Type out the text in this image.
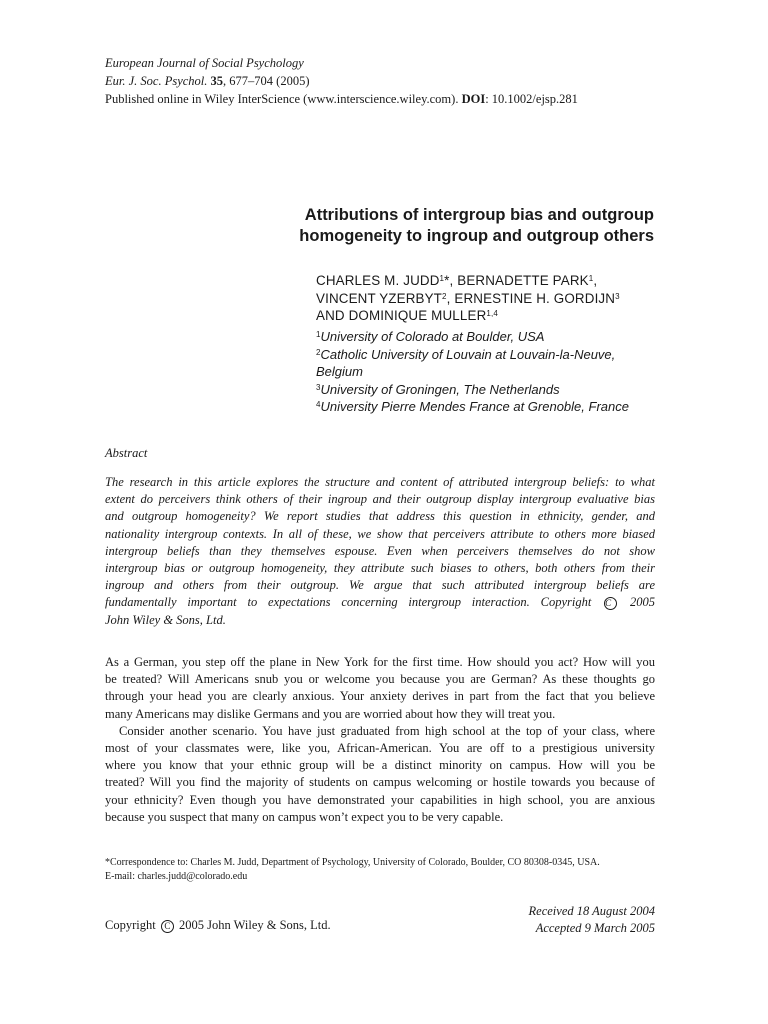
European Journal of Social Psychology
Eur. J. Soc. Psychol. 35, 677–704 (2005)
Published online in Wiley InterScience (www.interscience.wiley.com). DOI: 10.1002/ejsp.281
Attributions of intergroup bias and outgroup
homogeneity to ingroup and outgroup others
CHARLES M. JUDD$^1$*, BERNADETTE PARK$^1$,
VINCENT YZERBYT$^2$, ERNESTINE H. GORDIJN$^3$
AND DOMINIQUE MULLER$^{1,4}$
$^1$University of Colorado at Boulder, USA
$^2$Catholic University of Louvain at Louvain-la-Neuve,
Belgium
$^3$University of Groningen, The Netherlands
$^4$University Pierre Mendes France at Grenoble, France
Abstract
The research in this article explores the structure and content of attributed intergroup beliefs: to what
extent do perceivers think others of their ingroup and their outgroup display intergroup evaluative bias
and outgroup homogeneity? We report studies that address this question in ethnicity, gender, and
nationality intergroup contexts. In all of these, we show that perceivers attribute to others more biased
intergroup beliefs than they themselves espouse. Even when perceivers themselves do not show
intergroup bias or outgroup homogeneity, they attribute such biases to others, both others from their
ingroup and others from their outgroup. We argue that such attributed intergroup beliefs are
fundamentally important to expectations concerning intergroup interaction. Copyright C 2005
John Wiley & Sons, Ltd.
As a German, you step off the plane in New York for the first time. How should you act? How will you
be treated? Will Americans snub you or welcome you because you are German? As these thoughts go
through your head you are clearly anxious. Your anxiety derives in part from the fact that you believe
many Americans may dislike Germans and you are worried about how they will treat you.
Consider another scenario. You have just graduated from high school at the top of your class, where
most of your classmates were, like you, African-American. You are off to a prestigious university
where you know that your ethnic group will be a distinct minority on campus. How will you be
treated? Will you find the majority of students on campus welcoming or hostile towards you because of
your ethnicity? Even though you have demonstrated your capabilities in high school, you are anxious
because you suspect that many on campus won’t expect you to be very capable.
*Correspondence to: Charles M. Judd, Department of Psychology, University of Colorado, Boulder, CO 80308-0345, USA.
E-mail: charles.judd@colorado.edu
Copyright C 2005 John Wiley & Sons, Ltd.
Received 18 August 2004
Accepted 9 March 2005
